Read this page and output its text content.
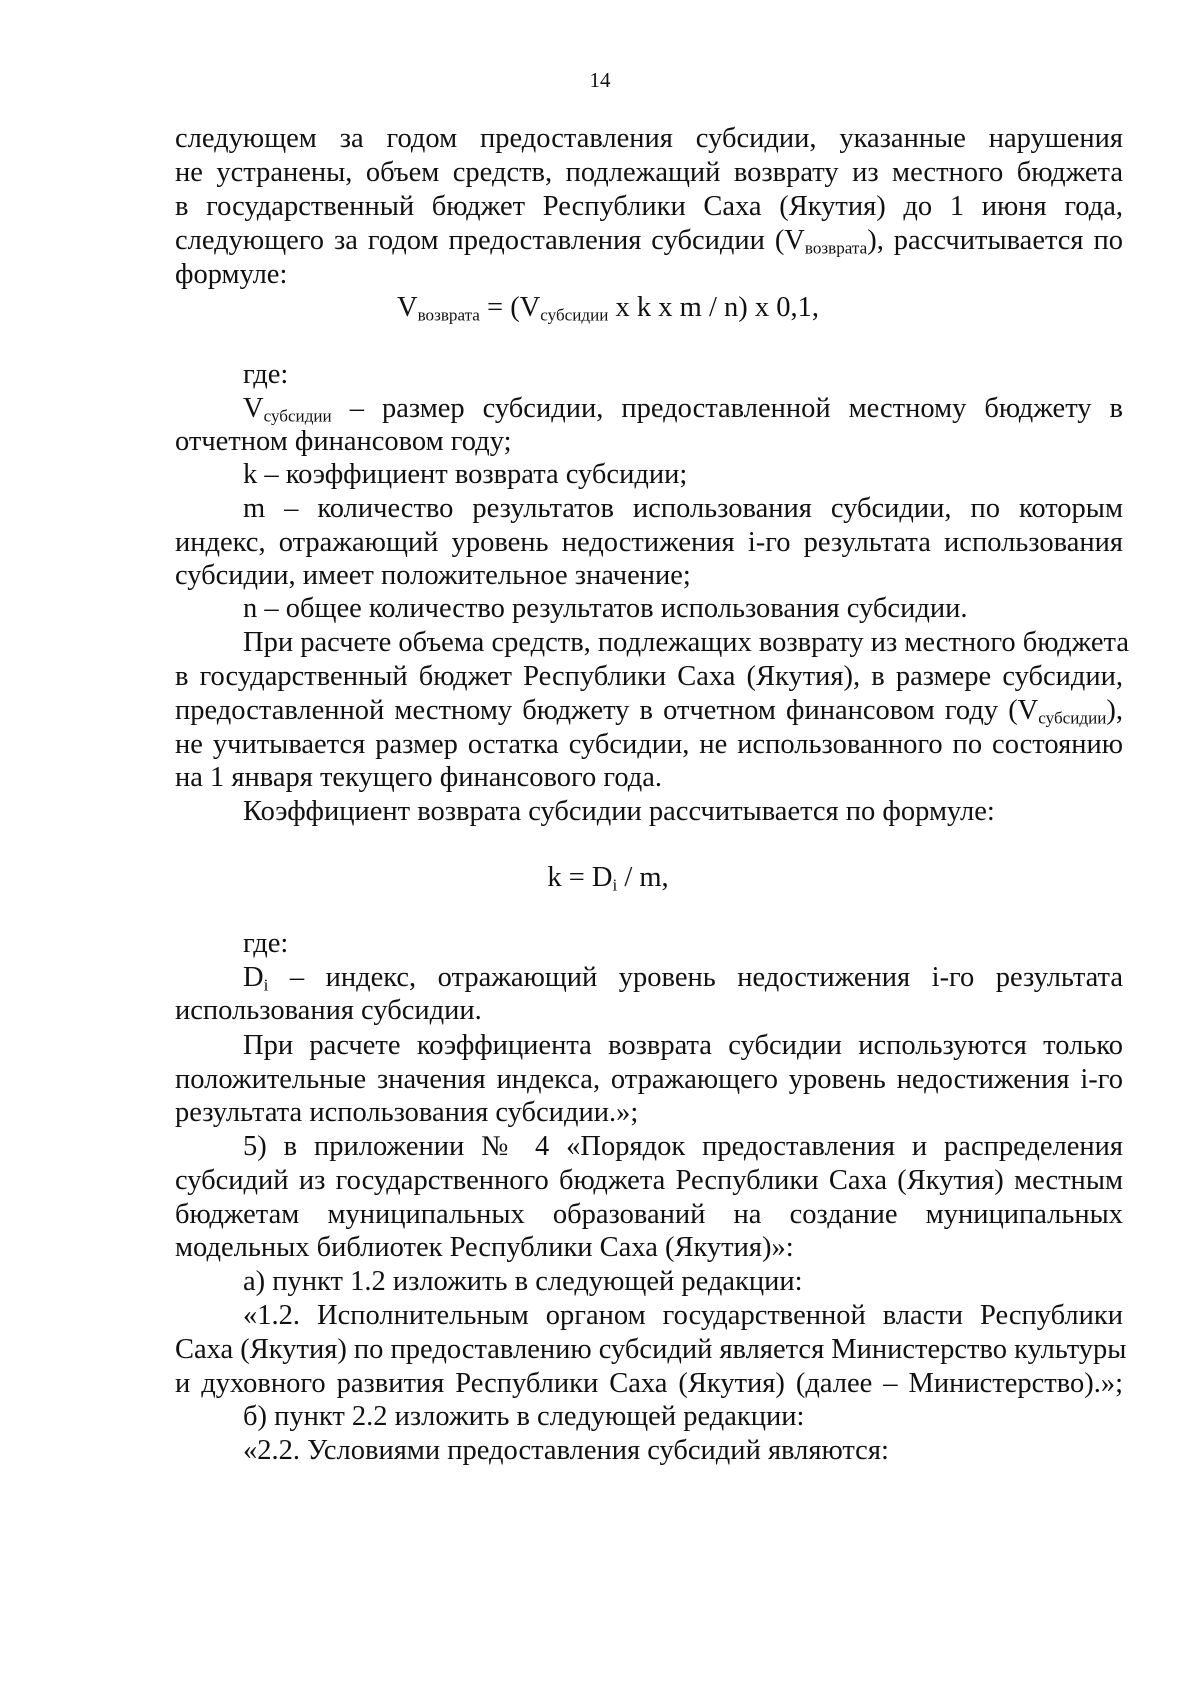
14
следующем за годом предоставления субсидии, указанные нарушения
не устранены, объем средств, подлежащий возврату из местного бюджета
в государственный бюджет Республики Саха (Якутия) до 1 июня года,
следующего за годом предоставления субсидии $(V_{возврата})$, рассчитывается по
формуле:
$V_{возврата} = (V_{субсидии}$ x k x m / n) x 0,1,
где:
$V_{субсидии}$ – размер субсидии, предоставленной местному бюджету в
отчетном финансовом году;
k – коэффициент возврата субсидии;
m – количество результатов использования субсидии, по которым
индекс, отражающий уровень недостижения i-го результата использования
субсидии, имеет положительное значение;
n – общее количество результатов использования субсидии.
При расчете объема средств, подлежащих возврату из местного бюджета
в государственный бюджет Республики Саха (Якутия), в размере субсидии,
предоставленной местному бюджету в отчетном финансовом году $(V_{субсидии})$,
не учитывается размер остатка субсидии, не использованного по состоянию
на 1 января текущего финансового года.
Коэффициент возврата субсидии рассчитывается по формуле:
$k = D_i / m$,
где:
$D_i$ – индекс, отражающий уровень недостижения i-го результата
использования субсидии.
При расчете коэффициента возврата субсидии используются только
положительные значения индекса, отражающего уровень недостижения i-го
результата использования субсидии.»;
5) в приложении № 4 «Порядок предоставления и распределения
субсидий из государственного бюджета Республики Саха (Якутия) местным
бюджетам муниципальных образований на создание муниципальных
модельных библиотек Республики Саха (Якутия)»:
а) пункт 1.2 изложить в следующей редакции:
«1.2. Исполнительным органом государственной власти Республики
Саха (Якутия) по предоставлению субсидий является Министерство культуры
и духовного развития Республики Саха (Якутия) (далее – Министерство).»;
б) пункт 2.2 изложить в следующей редакции:
«2.2. Условиями предоставления субсидий являются:
